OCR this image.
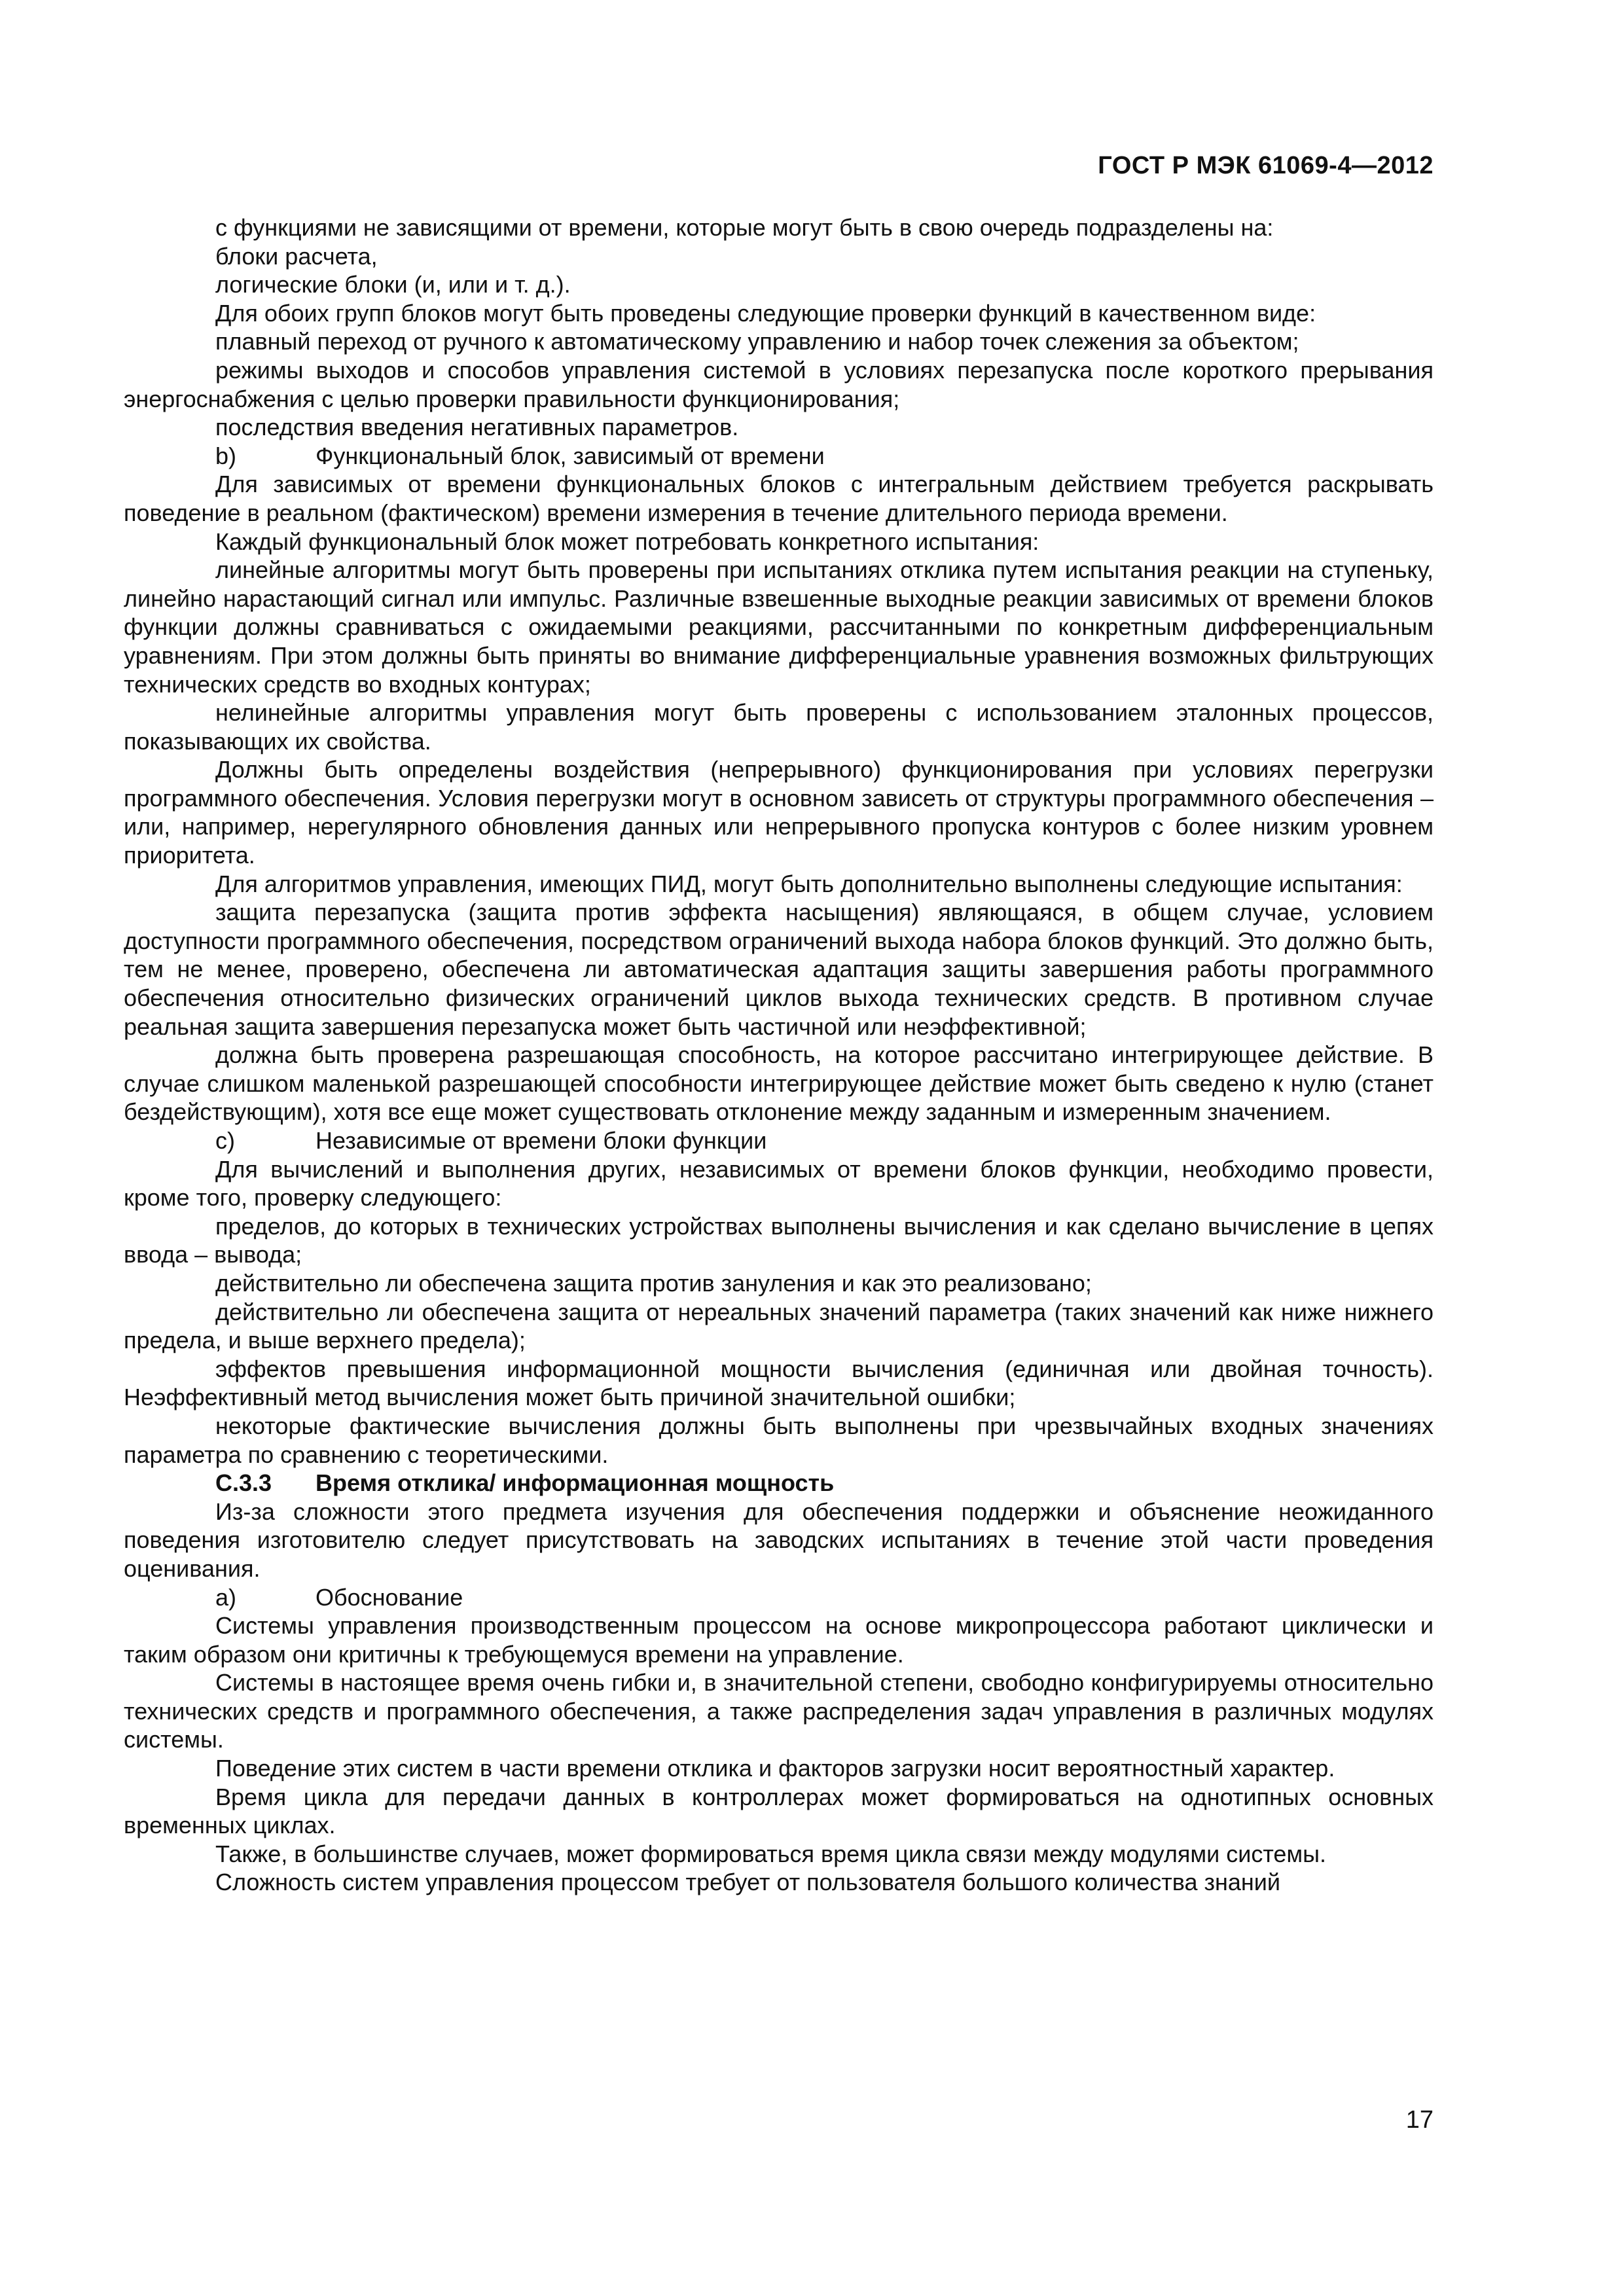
ГОСТ Р МЭК 61069-4—2012

с функциями не зависящими от времени, которые могут быть в свою очередь подразделены на:

блоки расчета,

логические блоки (и, или и т. д.).

Для обоих групп блоков могут быть проведены следующие проверки функций в качественном виде:

плавный переход от ручного к автоматическому управлению и набор точек слежения за объектом;

режимы выходов и способов управления системой в условиях перезапуска после короткого прерывания энергоснабжения с целью проверки правильности функционирования;

последствия введения негативных параметров.

b)	Функциональный блок, зависимый от времени

Для зависимых от времени функциональных блоков с интегральным действием требуется раскрывать поведение в реальном (фактическом) времени измерения в течение длительного периода времени.

Каждый функциональный блок может потребовать конкретного испытания:

линейные алгоритмы могут быть проверены при испытаниях отклика путем испытания реакции на ступеньку, линейно нарастающий сигнал или импульс. Различные взвешенные выходные реакции зависимых от времени блоков функции должны сравниваться с ожидаемыми реакциями, рассчитанными по конкретным дифференциальным уравнениям. При этом должны быть приняты во внимание дифференциальные уравнения возможных фильтрующих технических средств во входных контурах;

нелинейные алгоритмы управления могут быть проверены с использованием эталонных процессов, показывающих их свойства.

Должны быть определены воздействия (непрерывного) функционирования при условиях перегрузки программного обеспечения. Условия перегрузки могут в основном зависеть от структуры программного обеспечения – или, например, нерегулярного обновления данных или непрерывного пропуска контуров с более низким уровнем приоритета.

Для алгоритмов управления, имеющих ПИД, могут быть дополнительно выполнены следующие испытания:

защита перезапуска (защита против эффекта насыщения) являющаяся, в общем случае, условием доступности программного обеспечения, посредством ограничений выхода набора блоков функций. Это должно быть, тем не менее, проверено, обеспечена ли автоматическая адаптация защиты завершения работы программного обеспечения относительно физических ограничений циклов выхода технических средств. В противном случае реальная защита завершения перезапуска может быть частичной или неэффективной;

должна быть проверена разрешающая способность, на которое рассчитано интегрирующее действие. В случае слишком маленькой разрешающей способности интегрирующее действие может быть сведено к нулю (станет бездействующим), хотя все еще может существовать отклонение между заданным и измеренным значением.

c)	Независимые от времени блоки функции

Для вычислений и выполнения других, независимых от времени блоков функции, необходимо провести, кроме того, проверку следующего:

пределов, до которых в технических устройствах выполнены вычисления и как сделано вычисление в цепях ввода – вывода;

действительно ли обеспечена защита против зануления и как это реализовано;

действительно ли обеспечена защита от нереальных значений параметра (таких значений как ниже нижнего предела, и выше верхнего предела);

эффектов превышения информационной мощности вычисления (единичная или двойная точность). Неэффективный метод вычисления может быть причиной значительной ошибки;

некоторые фактические вычисления должны быть выполнены при чрезвычайных входных значениях параметра по сравнению с теоретическими.

С.3.3 Время отклика/ информационная мощность

Из-за сложности этого предмета изучения для обеспечения поддержки и объяснение неожиданного поведения изготовителю следует присутствовать на заводских испытаниях в течение этой части проведения оценивания.

а)	Обоснование

Системы управления производственным процессом на основе микропроцессора работают циклически и таким образом они критичны к требующемуся времени на управление.

Системы в настоящее время очень гибки и, в значительной степени, свободно конфигурируемы относительно технических средств и программного обеспечения, а также распределения задач управления в различных модулях системы.

Поведение этих систем в части времени отклика и факторов загрузки носит вероятностный характер.

Время цикла для передачи данных в контроллерах может формироваться на однотипных основных временных циклах.

Также, в большинстве случаев, может формироваться время цикла связи между модулями системы.

Сложность систем управления процессом требует от пользователя большого количества знаний

17
